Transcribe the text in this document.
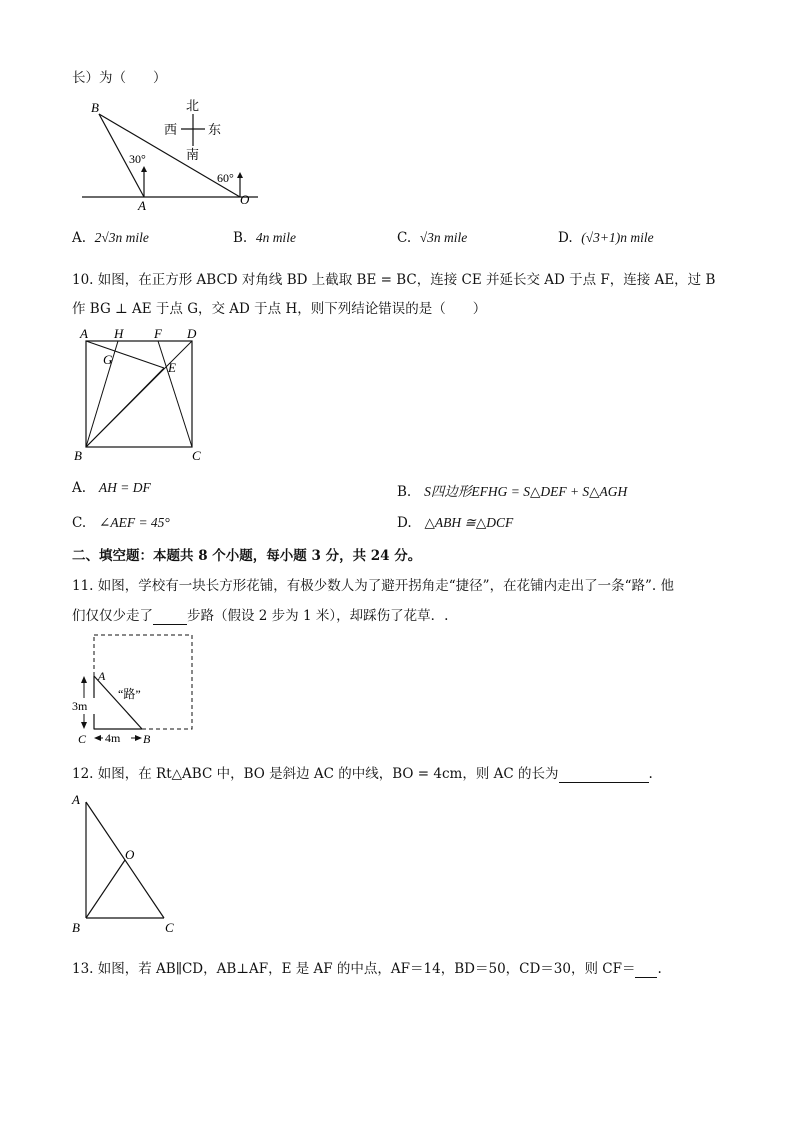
长）为（　　）
B
A	O
北
南
西 东
30°
60°
A. 2√3n mile	B. 4n mile	C. √3n mile	D. (√3+1)n mile
10. 如图，在正方形 ABCD 对角线 BD 上截取 BE = BC，连接 CE 并延长交 AD 于点 F，连接 AE，过 B
作 BG ⊥ AE 于点 G，交 AD 于点 H，则下列结论错误的是（　　）
A H F D
G
E
B	C
A. AH = DF	B. S四边形EFHG = S△DEF + S△AGH
C. ∠AEF = 45°	D. △ABH ≅△DCF
二、填空题：本题共 8 个小题，每小题 3 分，共 24 分。
11. 如图，学校有一块长方形花铺，有极少数人为了避开拐角走“捷径”，在花铺内走出了一条“路”. 他
们仅仅少走了	步路（假设 2 步为 1 米），却踩伤了花草．.
A
C	B
“路”
3m
4m
12. 如图，在 Rt△ABC 中，BO 是斜边 AC 的中线，BO = 4cm，则 AC 的长为	.
A
O
B	C
13. 如图，若 AB∥CD，AB⊥AF，E 是 AF 的中点，AF＝14，BD＝50，CD＝30，则 CF＝ .
